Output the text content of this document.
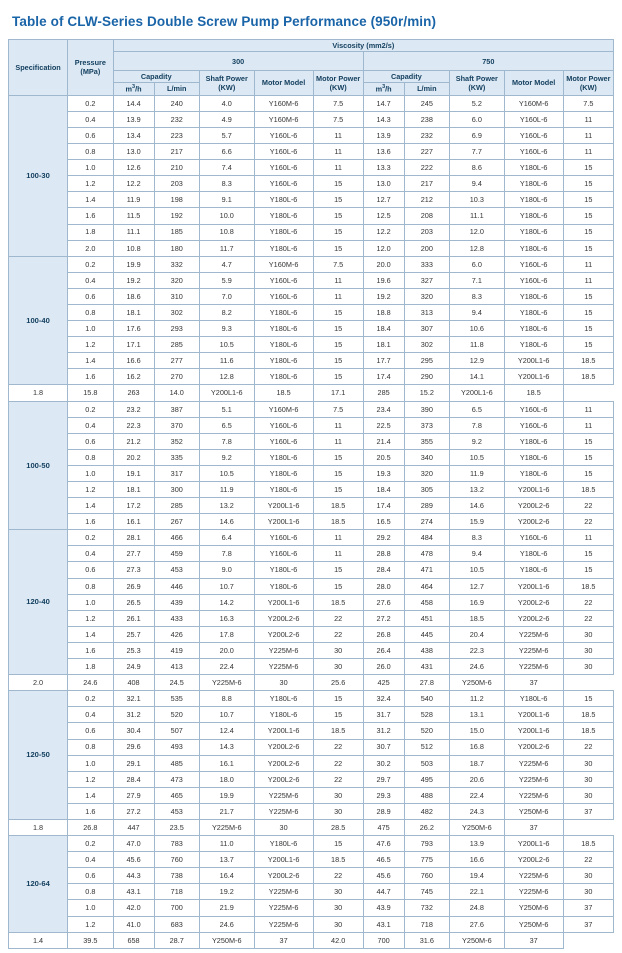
Table of CLW-Series Double Screw Pump Performance (950r/min)
Specification	Pressure (MPa)	Viscosity (mm2/s)									
		300					750				
		Capadity		Shaft Power (KW)	Motor Model	Motor Power (KW)	Capadity		Shaft Power (KW)	Motor Model	Motor Power (KW)
		$m^3/h$	L/min				$m^3/h$	L/min			
100-30	0.2	14.4	240	4.0	Y160M-6	7.5	14.7	245	5.2	Y160M-6	7.5
	0.4	13.9	232	4.9	Y160M-6	7.5	14.3	238	6.0	Y160L-6	11
	0.6	13.4	223	5.7	Y160L-6	11	13.9	232	6.9	Y160L-6	11
	0.8	13.0	217	6.6	Y160L-6	11	13.6	227	7.7	Y160L-6	11
	1.0	12.6	210	7.4	Y160L-6	11	13.3	222	8.6	Y180L-6	15
	1.2	12.2	203	8.3	Y160L-6	15	13.0	217	9.4	Y180L-6	15
	1.4	11.9	198	9.1	Y180L-6	15	12.7	212	10.3	Y180L-6	15
	1.6	11.5	192	10.0	Y180L-6	15	12.5	208	11.1	Y180L-6	15
	1.8	11.1	185	10.8	Y180L-6	15	12.2	203	12.0	Y180L-6	15
	2.0	10.8	180	11.7	Y180L-6	15	12.0	200	12.8	Y180L-6	15
100-40	0.2	19.9	332	4.7	Y160M-6	7.5	20.0	333	6.0	Y160L-6	11
	0.4	19.2	320	5.9	Y160L-6	11	19.6	327	7.1	Y160L-6	11
	0.6	18.6	310	7.0	Y160L-6	11	19.2	320	8.3	Y180L-6	15
	0.8	18.1	302	8.2	Y180L-6	15	18.8	313	9.4	Y180L-6	15
	1.0	17.6	293	9.3	Y180L-6	15	18.4	307	10.6	Y180L-6	15
	1.2	17.1	285	10.5	Y180L-6	15	18.1	302	11.8	Y180L-6	15
	1.4	16.6	277	11.6	Y180L-6	15	17.7	295	12.9	Y200L1-6	18.5
	1.6	16.2	270	12.8	Y180L-6	15	17.4	290	14.1	Y200L1-6	18.5
1.8	15.8	263	14.0	Y200L1-6	18.5	17.1	285	15.2	Y200L1-6	18.5	
100-50	0.2	23.2	387	5.1	Y160M-6	7.5	23.4	390	6.5	Y160L-6	11
	0.4	22.3	370	6.5	Y160L-6	11	22.5	373	7.8	Y160L-6	11
	0.6	21.2	352	7.8	Y160L-6	11	21.4	355	9.2	Y180L-6	15
	0.8	20.2	335	9.2	Y180L-6	15	20.5	340	10.5	Y180L-6	15
	1.0	19.1	317	10.5	Y180L-6	15	19.3	320	11.9	Y180L-6	15
	1.2	18.1	300	11.9	Y180L-6	15	18.4	305	13.2	Y200L1-6	18.5
	1.4	17.2	285	13.2	Y200L1-6	18.5	17.4	289	14.6	Y200L2-6	22
	1.6	16.1	267	14.6	Y200L1-6	18.5	16.5	274	15.9	Y200L2-6	22
120-40	0.2	28.1	466	6.4	Y160L-6	11	29.2	484	8.3	Y160L-6	11
	0.4	27.7	459	7.8	Y160L-6	11	28.8	478	9.4	Y180L-6	15
	0.6	27.3	453	9.0	Y180L-6	15	28.4	471	10.5	Y180L-6	15
	0.8	26.9	446	10.7	Y180L-6	15	28.0	464	12.7	Y200L1-6	18.5
	1.0	26.5	439	14.2	Y200L1-6	18.5	27.6	458	16.9	Y200L2-6	22
	1.2	26.1	433	16.3	Y200L2-6	22	27.2	451	18.5	Y200L2-6	22
	1.4	25.7	426	17.8	Y200L2-6	22	26.8	445	20.4	Y225M-6	30
	1.6	25.3	419	20.0	Y225M-6	30	26.4	438	22.3	Y225M-6	30
	1.8	24.9	413	22.4	Y225M-6	30	26.0	431	24.6	Y225M-6	30
2.0	24.6	408	24.5	Y225M-6	30	25.6	425	27.8	Y250M-6	37	
120-50	0.2	32.1	535	8.8	Y180L-6	15	32.4	540	11.2	Y180L-6	15
	0.4	31.2	520	10.7	Y180L-6	15	31.7	528	13.1	Y200L1-6	18.5
	0.6	30.4	507	12.4	Y200L1-6	18.5	31.2	520	15.0	Y200L1-6	18.5
	0.8	29.6	493	14.3	Y200L2-6	22	30.7	512	16.8	Y200L2-6	22
	1.0	29.1	485	16.1	Y200L2-6	22	30.2	503	18.7	Y225M-6	30
	1.2	28.4	473	18.0	Y200L2-6	22	29.7	495	20.6	Y225M-6	30
	1.4	27.9	465	19.9	Y225M-6	30	29.3	488	22.4	Y225M-6	30
	1.6	27.2	453	21.7	Y225M-6	30	28.9	482	24.3	Y250M-6	37
1.8	26.8	447	23.5	Y225M-6	30	28.5	475	26.2	Y250M-6	37	
120-64	0.2	47.0	783	11.0	Y180L-6	15	47.6	793	13.9	Y200L1-6	18.5
	0.4	45.6	760	13.7	Y200L1-6	18.5	46.5	775	16.6	Y200L2-6	22
	0.6	44.3	738	16.4	Y200L2-6	22	45.6	760	19.4	Y225M-6	30
	0.8	43.1	718	19.2	Y225M-6	30	44.7	745	22.1	Y225M-6	30
	1.0	42.0	700	21.9	Y225M-6	30	43.9	732	24.8	Y250M-6	37
	1.2	41.0	683	24.6	Y225M-6	30	43.1	718	27.6	Y250M-6	37
1.4	39.5	658	28.7	Y250M-6	37	42.0	700	31.6	Y250M-6	37	
